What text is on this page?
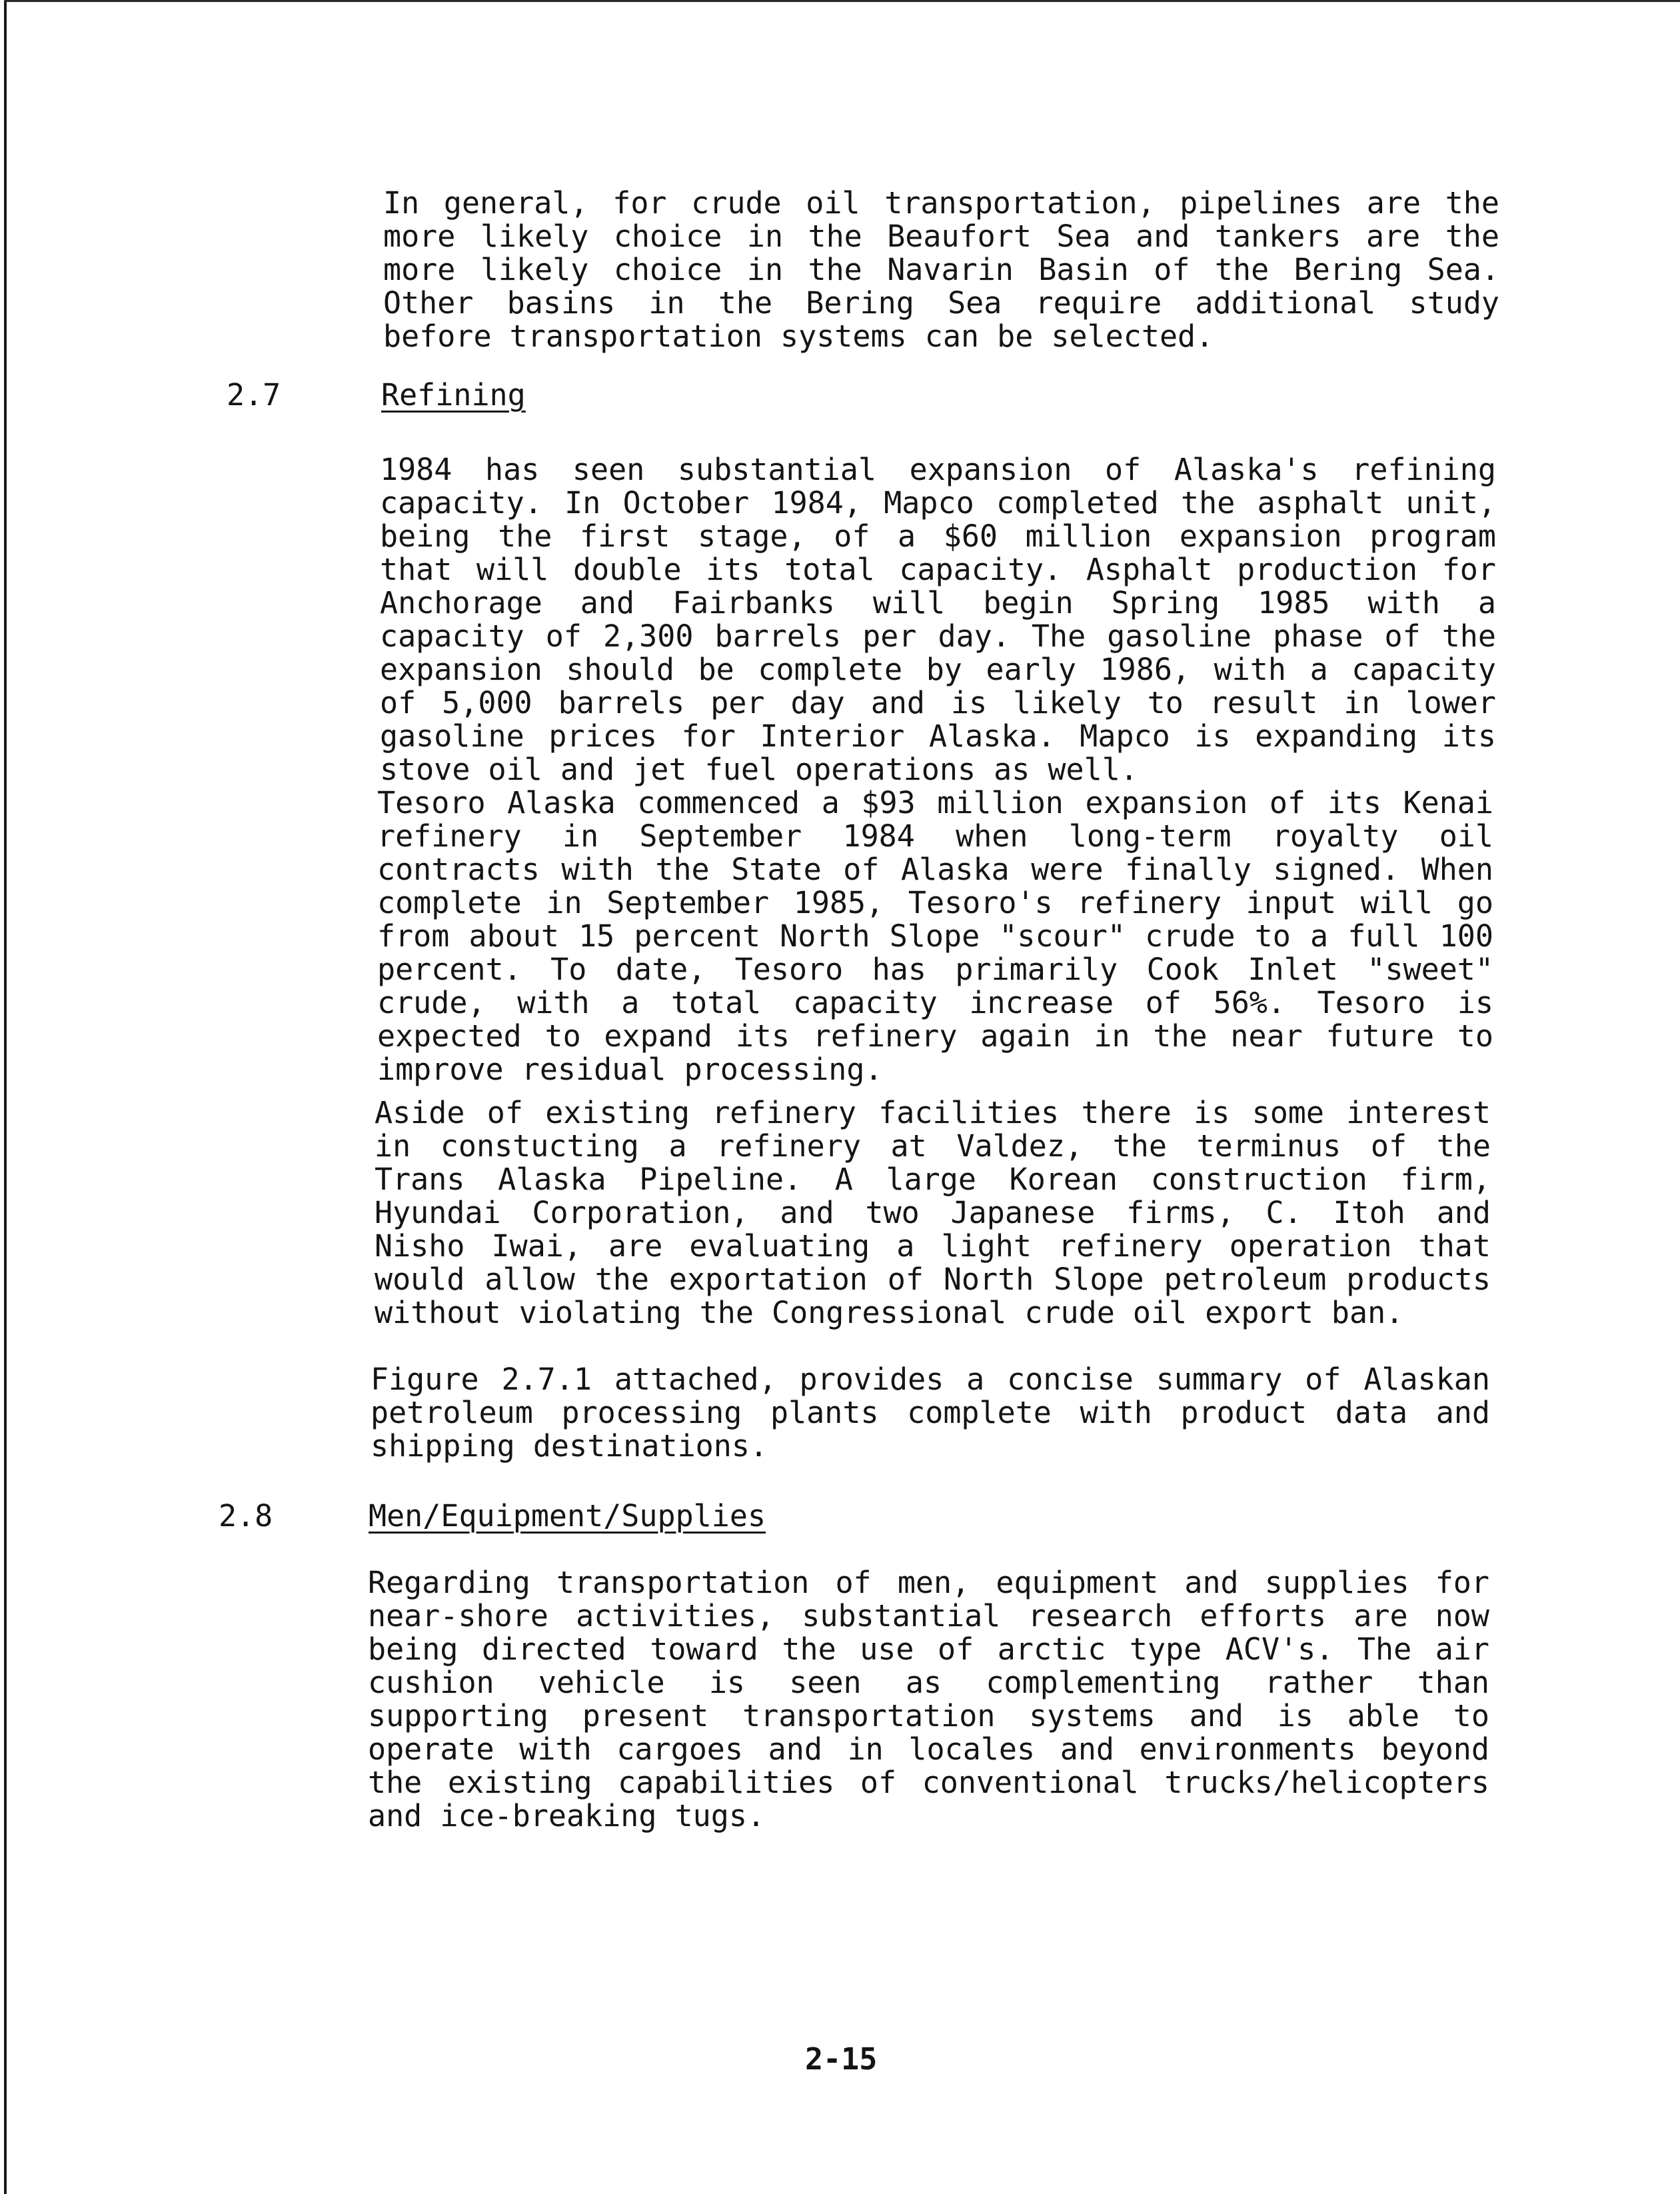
In general, for crude oil transportation, pipelines are the more likely choice in the Beaufort Sea and tankers are the more likely choice in the Navarin Basin of the Bering Sea. Other basins in the Bering Sea require additional study before transportation systems can be selected.

2.7	Refining

1984 has seen substantial expansion of Alaska's refining capacity. In October 1984, Mapco completed the asphalt unit, being the first stage, of a $60 million expansion program that will double its total capacity. Asphalt production for Anchorage and Fairbanks will begin Spring 1985 with a capacity of 2,300 barrels per day. The gasoline phase of the expansion should be complete by early 1986, with a capacity of 5,000 barrels per day and is likely to result in lower gasoline prices for Interior Alaska. Mapco is expanding its stove oil and jet fuel operations as well.

Tesoro Alaska commenced a $93 million expansion of its Kenai refinery in September 1984 when long-term royalty oil contracts with the State of Alaska were finally signed. When complete in September 1985, Tesoro's refinery input will go from about 15 percent North Slope "scour" crude to a full 100 percent. To date, Tesoro has primarily Cook Inlet "sweet" crude, with a total capacity increase of 56%. Tesoro is expected to expand its refinery again in the near future to improve residual processing.

Aside of existing refinery facilities there is some interest in constucting a refinery at Valdez, the terminus of the Trans Alaska Pipeline. A large Korean construction firm, Hyundai Corporation, and two Japanese firms, C. Itoh and Nisho Iwai, are evaluating a light refinery operation that would allow the exportation of North Slope petroleum products without violating the Congressional crude oil export ban.

Figure 2.7.1 attached, provides a concise summary of Alaskan petroleum processing plants complete with product data and shipping destinations.

2.8	Men/Equipment/Supplies

Regarding transportation of men, equipment and supplies for near-shore activities, substantial research efforts are now being directed toward the use of arctic type ACV's. The air cushion vehicle is seen as complementing rather than supporting present transportation systems and is able to operate with cargoes and in locales and environments beyond the existing capabilities of conventional trucks/helicopters and ice-breaking tugs.

2-15
